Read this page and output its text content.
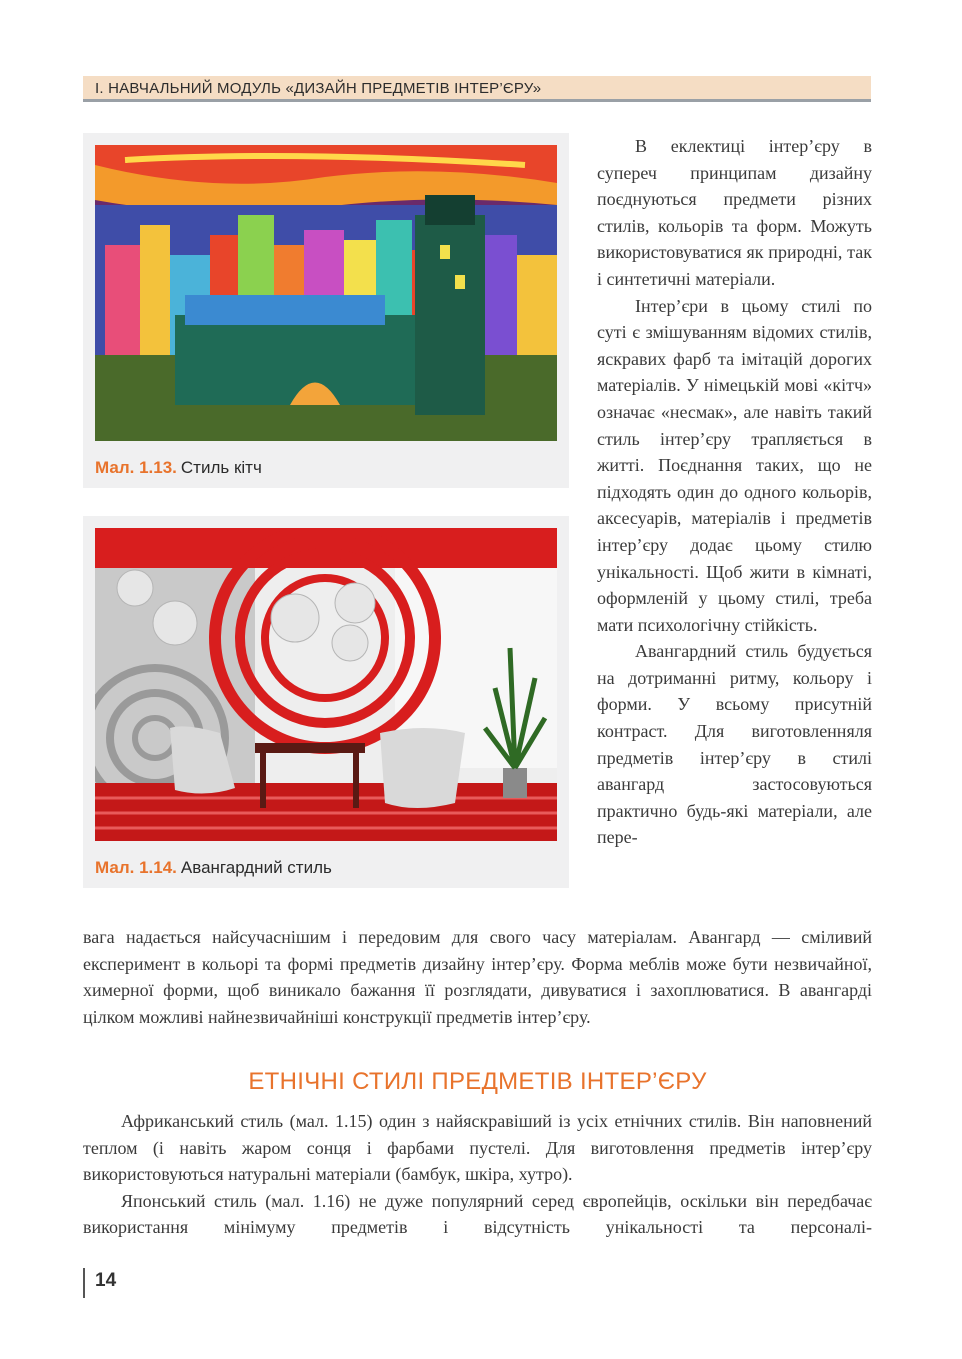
І. НАВЧАЛЬНИЙ МОДУЛЬ «ДИЗАЙН ПРЕДМЕТІВ ІНТЕР’ЄРУ»
Мал. 1.13. Стиль кітч
Мал. 1.14. Авангардний стиль

В еклектиці інтер’єру в супереч принципам дизайну поєднуються предмети різних стилів, кольорів та форм. Можуть використовуватися як природні, так і синтетичні матеріали.

Інтер’єри в цьому стилі по суті є змішуванням відомих стилів, яскравих фарб та імітацій дорогих матеріалів. У німецькій мові «кітч» означає «несмак», але навіть такий стиль інтер’єру трапляється в житті. Поєднання таких, що не підходять один до одного кольорів, аксесуарів, матеріалів і предметів інтер’єру додає цьому стилю унікальності. Щоб жити в кімнаті, оформленій у цьому стилі, треба мати психологічну стійкість.

Авангардний стиль будується на дотриманні ритму, кольору і форми. У всьому присутній контраст. Для виготовленняля предметів інтер’єру в стилі авангард застосовуються практично будь-які матеріали, але пере-

вага надається найсучаснішим і передовим для свого часу матеріалам. Авангард — сміливий експеримент в кольорі та формі предметів дизайну інтер’єру. Форма меблів може бути незвичайної, химерної форми, щоб виникало бажання її розглядати, дивуватися і захоплюватися. В авангарді цілком можливі найнезвичайніші конструкції предметів інтер’єру.

ЕТНІЧНІ СТИЛІ ПРЕДМЕТІВ ІНТЕР’ЄРУ

Африканський стиль (мал. 1.15) один з найяскравіший із усіх етнічних стилів. Він наповнений теплом (і навіть жаром сонця і фарбами пустелі. Для виготовлення предметів інтер’єру використовуються натуральні матеріали (бамбук, шкіра, хутро).

Японський стиль (мал. 1.16) не дуже популярний серед європейців, оскільки він передбачає використання мінімуму предметів і відсутність унікальності та персоналі-

14
